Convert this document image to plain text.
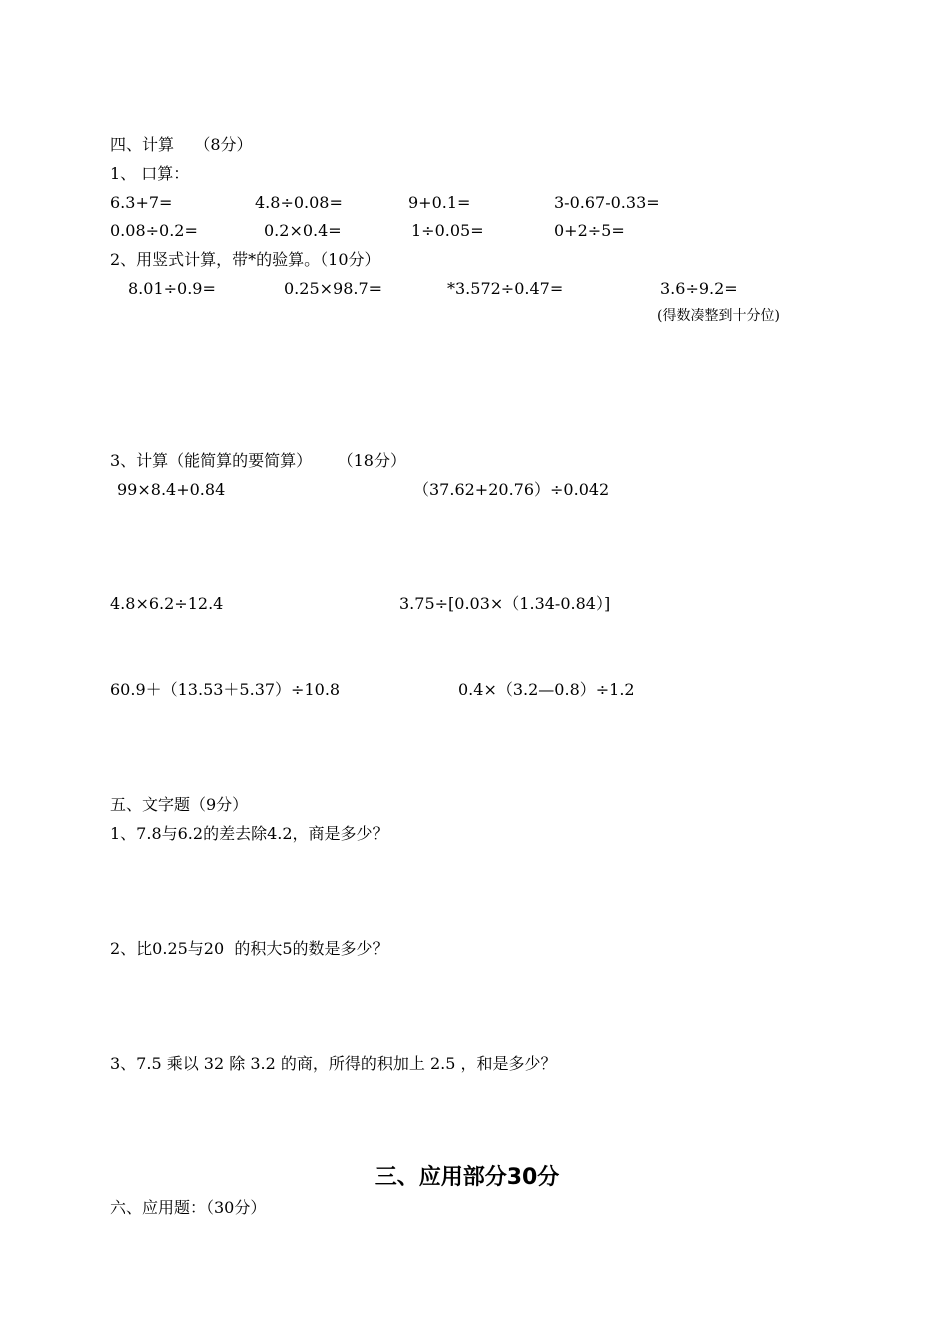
四、计算    （8分）
1、 口算：
6.3+7=	4.8÷0.08=	9+0.1=	3-0.67-0.33=
0.08÷0.2=	0.2×0.4=	1÷0.05=	0+2÷5=
2、用竖式计算，带*的验算。（10分）
8.01÷0.9=	0.25×98.7=	*3.572÷0.47=	3.6÷9.2=
(得数凑整到十分位)
3、计算（能简算的要简算）     （18分）
99×8.4+0.84	（37.62+20.76）÷0.042
4.8×6.2÷12.4	3.75÷[0.03×（1.34-0.84）]
60.9＋（13.53＋5.37）÷10.8	0.4×（3.2—0.8）÷1.2
五、文字题（9分）
1、7.8与6.2的差去除4.2，商是多少？
2、比0.25与20  的积大5的数是多少？
3、7.5 乘以 32 除 3.2 的商，所得的积加上 2.5 ，和是多少？
三、应用部分30分
六、应用题：（30分）
